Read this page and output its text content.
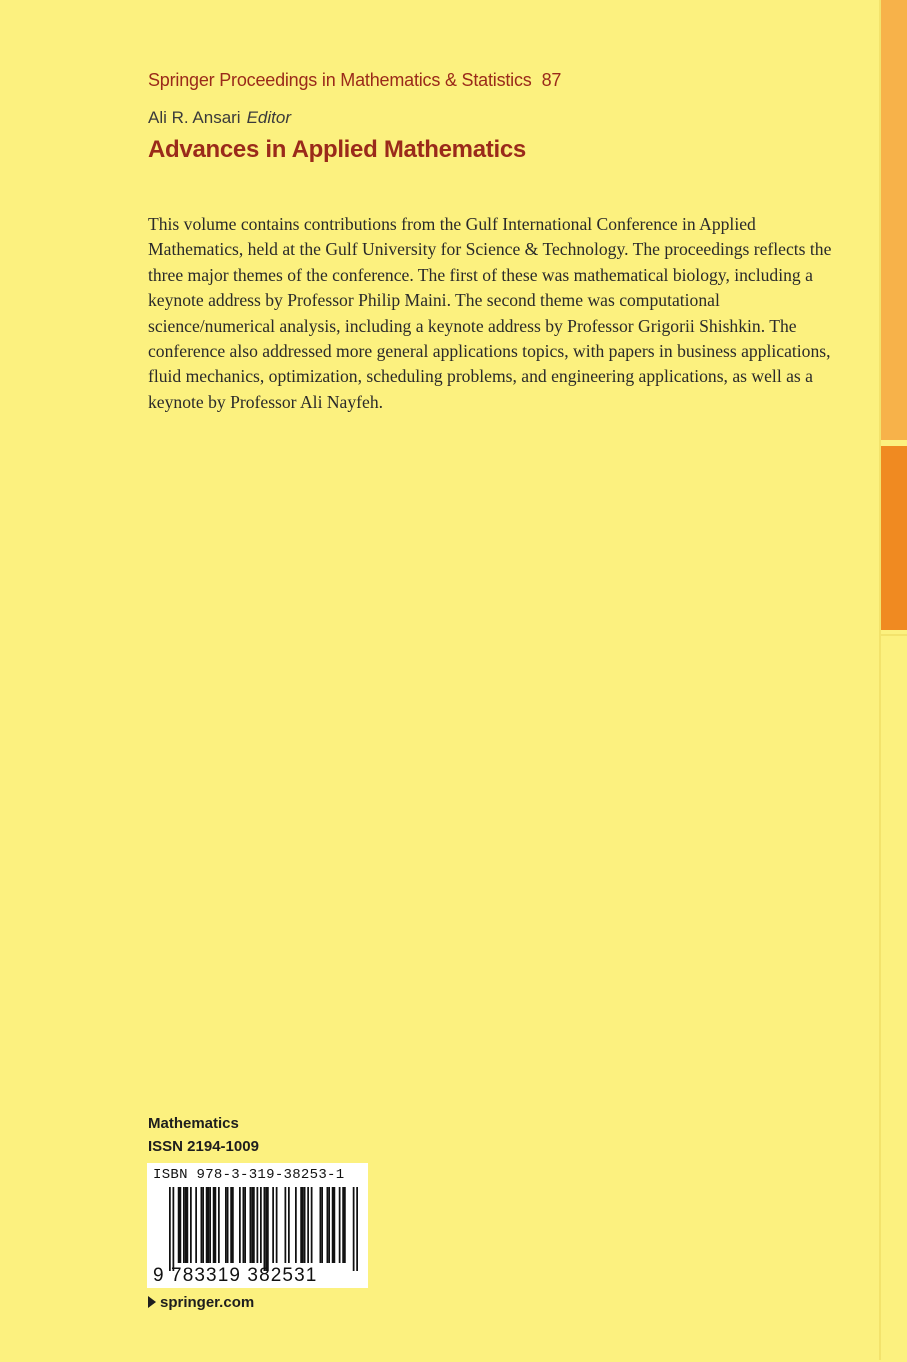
Springer Proceedings in Mathematics & Statistics 87
Ali R. Ansari Editor
Advances in Applied Mathematics

This volume contains contributions from the Gulf International Conference in Applied Mathematics, held at the Gulf University for Science & Technology. The proceedings reflects the three major themes of the conference. The first of these was mathematical biology, including a keynote address by Professor Philip Maini. The second theme was computational science/numerical analysis, including a keynote address by Professor Grigorii Shishkin. The conference also addressed more general applications topics, with papers in business applications, fluid mechanics, optimization, scheduling problems, and engineering applications, as well as a keynote by Professor Ali Nayfeh.

Mathematics
ISSN 2194-1009
ISBN 978-3-319-38253-1
9 783319 382531
springer.com
